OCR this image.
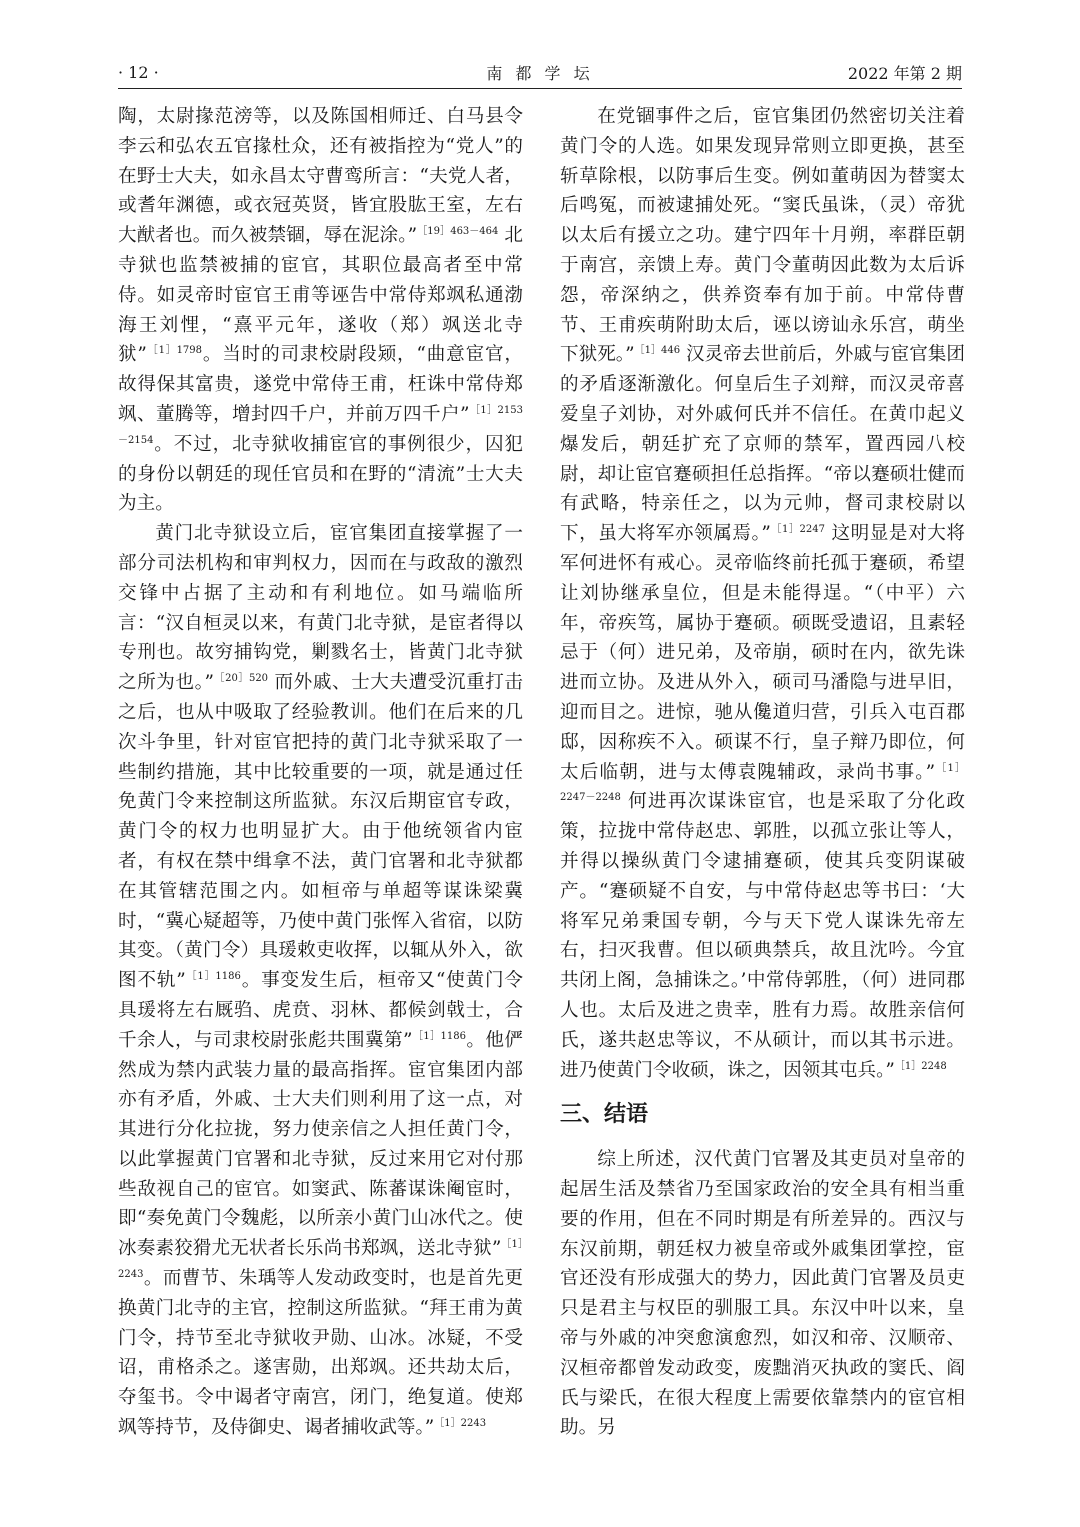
· 12 ·	南 都 学 坛	2022 年第 2 期

陶，太尉掾范滂等，以及陈国相师迁、白马县令李云和弘农五官掾杜众，还有被指控为“党人”的在野士大夫，如永昌太守曹鸾所言：“夫党人者，或耆年渊德，或衣冠英贤，皆宜股肱王室，左右大猷者也。而久被禁锢，辱在泥涂。”$^{[19]463-464}$ 北寺狱也监禁被捕的宦官，其职位最高者至中常侍。如灵帝时宦官王甫等诬告中常侍郑飒私通渤海王刘悝，“熹平元年，遂收（郑）飒送北寺狱”$^{[1]1798}$。当时的司隶校尉段颎，“曲意宦官，故得保其富贵，遂党中常侍王甫，枉诛中常侍郑飒、董腾等，增封四千户，并前万四千户”$^{[1]2153-2154}$。不过，北寺狱收捕宦官的事例很少，囚犯的身份以朝廷的现任官员和在野的“清流”士大夫为主。

黄门北寺狱设立后，宦官集团直接掌握了一部分司法机构和审判权力，因而在与政敌的激烈交锋中占据了主动和有利地位。如马端临所言：“汉自桓灵以来，有黄门北寺狱，是宦者得以专刑也。故穷捕钩党，剿戮名士，皆黄门北寺狱之所为也。”$^{[20]520}$ 而外戚、士大夫遭受沉重打击之后，也从中吸取了经验教训。他们在后来的几次斗争里，针对宦官把持的黄门北寺狱采取了一些制约措施，其中比较重要的一项，就是通过任免黄门令来控制这所监狱。东汉后期宦官专政，黄门令的权力也明显扩大。由于他统领省内宦者，有权在禁中缉拿不法，黄门官署和北寺狱都在其管辖范围之内。如桓帝与单超等谋诛梁冀时，“冀心疑超等，乃使中黄门张恽入省宿，以防其变。（黄门令）具瑗敕吏收挥，以辄从外入，欲图不轨”$^{[1]1186}$。事变发生后，桓帝又“使黄门令具瑗将左右厩驺、虎贲、羽林、都候剑戟士，合千余人，与司隶校尉张彪共围冀第”$^{[1]1186}$。他俨然成为禁内武装力量的最高指挥。宦官集团内部亦有矛盾，外戚、士大夫们则利用了这一点，对其进行分化拉拢，努力使亲信之人担任黄门令，以此掌握黄门官署和北寺狱，反过来用它对付那些敌视自己的宦官。如窦武、陈蕃谋诛阉宦时，即“奏免黄门令魏彪，以所亲小黄门山冰代之。使冰奏素狡猾尤无状者长乐尚书郑飒，送北寺狱”$^{[1]2243}$。而曹节、朱瑀等人发动政变时，也是首先更换黄门北寺的主官，控制这所监狱。“拜王甫为黄门令，持节至北寺狱收尹勋、山冰。冰疑，不受诏，甫格杀之。遂害勋，出郑飒。还共劫太后，夺玺书。令中谒者守南宫，闭门，绝复道。使郑飒等持节，及侍御史、谒者捕收武等。”$^{[1]2243}$

在党锢事件之后，宦官集团仍然密切关注着黄门令的人选。如果发现异常则立即更换，甚至斩草除根，以防事后生变。例如董萌因为替窦太后鸣冤，而被逮捕处死。“窦氏虽诛，（灵）帝犹以太后有援立之功。建宁四年十月朔，率群臣朝于南宫，亲馈上寿。黄门令董萌因此数为太后诉怨，帝深纳之，供养资奉有加于前。中常侍曹节、王甫疾萌附助太后，诬以谤讪永乐宫，萌坐下狱死。”$^{[1]446}$ 汉灵帝去世前后，外戚与宦官集团的矛盾逐渐激化。何皇后生子刘辩，而汉灵帝喜爱皇子刘协，对外戚何氏并不信任。在黄巾起义爆发后，朝廷扩充了京师的禁军，置西园八校尉，却让宦官蹇硕担任总指挥。“帝以蹇硕壮健而有武略，特亲任之，以为元帅，督司隶校尉以下，虽大将军亦领属焉。”$^{[1]2247}$ 这明显是对大将军何进怀有戒心。灵帝临终前托孤于蹇硕，希望让刘协继承皇位，但是未能得逞。“（中平）六年，帝疾笃，属协于蹇硕。硕既受遗诏，且素轻忌于（何）进兄弟，及帝崩，硕时在内，欲先诛进而立协。及进从外入，硕司马潘隐与进早旧，迎而目之。进惊，驰从儳道归营，引兵入屯百郡邸，因称疾不入。硕谋不行，皇子辩乃即位，何太后临朝，进与太傅袁隗辅政，录尚书事。”$^{[1]2247-2248}$ 何进再次谋诛宦官，也是采取了分化政策，拉拢中常侍赵忠、郭胜，以孤立张让等人，并得以操纵黄门令逮捕蹇硕，使其兵变阴谋破产。“蹇硕疑不自安，与中常侍赵忠等书曰：‘大将军兄弟秉国专朝，今与天下党人谋诛先帝左右，扫灭我曹。但以硕典禁兵，故且沈吟。今宜共闭上阁，急捕诛之。’中常侍郭胜，（何）进同郡人也。太后及进之贵幸，胜有力焉。故胜亲信何氏，遂共赵忠等议，不从硕计，而以其书示进。进乃使黄门令收硕，诛之，因领其屯兵。”$^{[1]2248}$

三、结语

综上所述，汉代黄门官署及其吏员对皇帝的起居生活及禁省乃至国家政治的安全具有相当重要的作用，但在不同时期是有所差异的。西汉与东汉前期，朝廷权力被皇帝或外戚集团掌控，宦官还没有形成强大的势力，因此黄门官署及员吏只是君主与权臣的驯服工具。东汉中叶以来，皇帝与外戚的冲突愈演愈烈，如汉和帝、汉顺帝、汉桓帝都曾发动政变，废黜消灭执政的窦氏、阎氏与梁氏，在很大程度上需要依靠禁内的宦官相助。另
